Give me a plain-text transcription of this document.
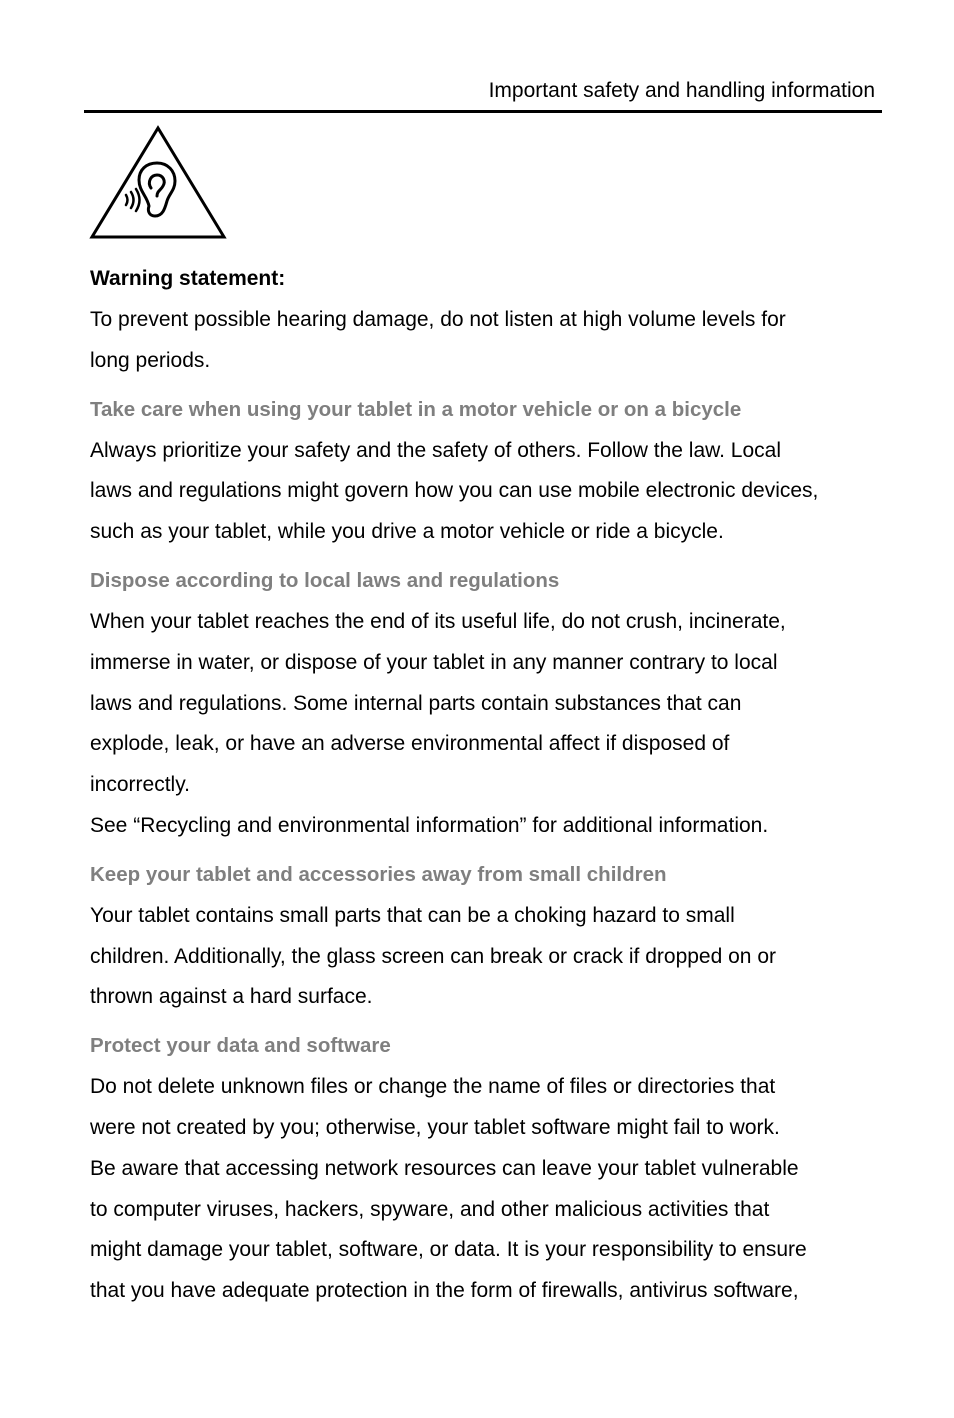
Important safety and handling information

Warning statement:

To prevent possible hearing damage, do not listen at high volume levels for

long periods.

Take care when using your tablet in a motor vehicle or on a bicycle

Always prioritize your safety and the safety of others. Follow the law. Local

laws and regulations might govern how you can use mobile electronic devices,

such as your tablet, while you drive a motor vehicle or ride a bicycle.

Dispose according to local laws and regulations

When your tablet reaches the end of its useful life, do not crush, incinerate,

immerse in water, or dispose of your tablet in any manner contrary to local

laws and regulations. Some internal parts contain substances that can

explode, leak, or have an adverse environmental affect if disposed of

incorrectly.

See “Recycling and environmental information” for additional information.

Keep your tablet and accessories away from small children

Your tablet contains small parts that can be a choking hazard to small

children. Additionally, the glass screen can break or crack if dropped on or

thrown against a hard surface.

Protect your data and software

Do not delete unknown files or change the name of files or directories that

were not created by you; otherwise, your tablet software might fail to work.

Be aware that accessing network resources can leave your tablet vulnerable

to computer viruses, hackers, spyware, and other malicious activities that

might damage your tablet, software, or data. It is your responsibility to ensure

that you have adequate protection in the form of firewalls, antivirus software,
